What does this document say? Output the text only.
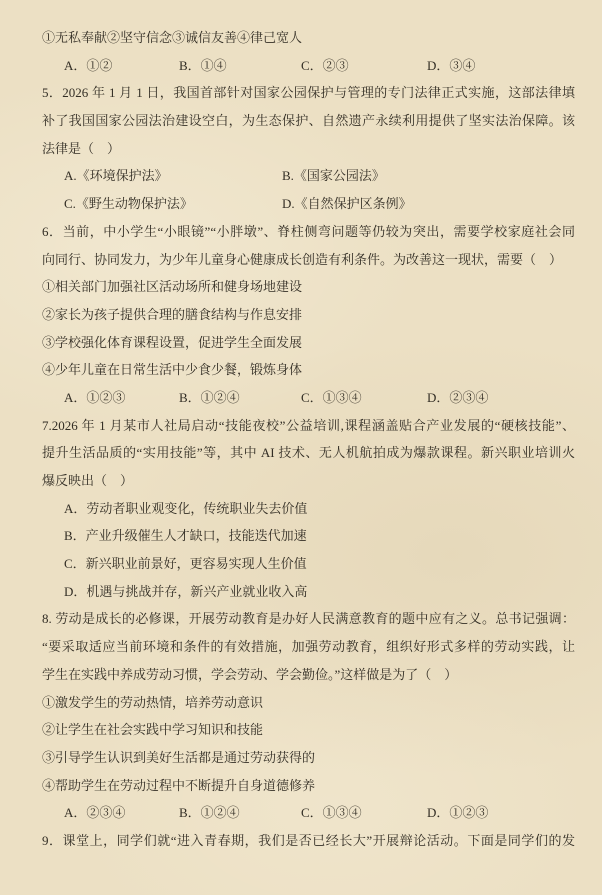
①无私奉献②坚守信念③诚信友善④律己宽人
A．①②	B．①④	C．②③	D．③④
5．2026 年 1 月 1 日，我国首部针对国家公园保护与管理的专门法律正式实施，这部法律填
补了我国国家公园法治建设空白，为生态保护、自然遗产永续利用提供了坚实法治保障。该
法律是（　）
A.《环境保护法》	B.《国家公园法》
C.《野生动物保护法》	D.《自然保护区条例》
6．当前，中小学生“小眼镜”“小胖墩”、脊柱侧弯问题等仍较为突出，需要学校家庭社会同
向同行、协同发力，为少年儿童身心健康成长创造有利条件。为改善这一现状，需要（　）
①相关部门加强社区活动场所和健身场地建设
②家长为孩子提供合理的膳食结构与作息安排
③学校强化体育课程设置，促进学生全面发展
④少年儿童在日常生活中少食少餐，锻炼身体
A．①②③	B．①②④	C．①③④	D．②③④
7.2026 年 1 月某市人社局启动“技能夜校”公益培训,课程涵盖贴合产业发展的“硬核技能”、
提升生活品质的“实用技能”等，其中 AI 技术、无人机航拍成为爆款课程。新兴职业培训火
爆反映出（　）
A．劳动者职业观变化，传统职业失去价值
B．产业升级催生人才缺口，技能迭代加速
C．新兴职业前景好，更容易实现人生价值
D．机遇与挑战并存，新兴产业就业收入高
8. 劳动是成长的必修课，开展劳动教育是办好人民满意教育的题中应有之义。总书记强调：
“要采取适应当前环境和条件的有效措施，加强劳动教育，组织好形式多样的劳动实践，让
学生在实践中养成劳动习惯，学会劳动、学会勤俭。”这样做是为了（　）
①激发学生的劳动热情，培养劳动意识
②让学生在社会实践中学习知识和技能
③引导学生认识到美好生活都是通过劳动获得的
④帮助学生在劳动过程中不断提升自身道德修养
A．②③④	B．①②④	C．①③④	D．①②③
9．课堂上，同学们就“进入青春期，我们是否已经长大”开展辩论活动。下面是同学们的发
